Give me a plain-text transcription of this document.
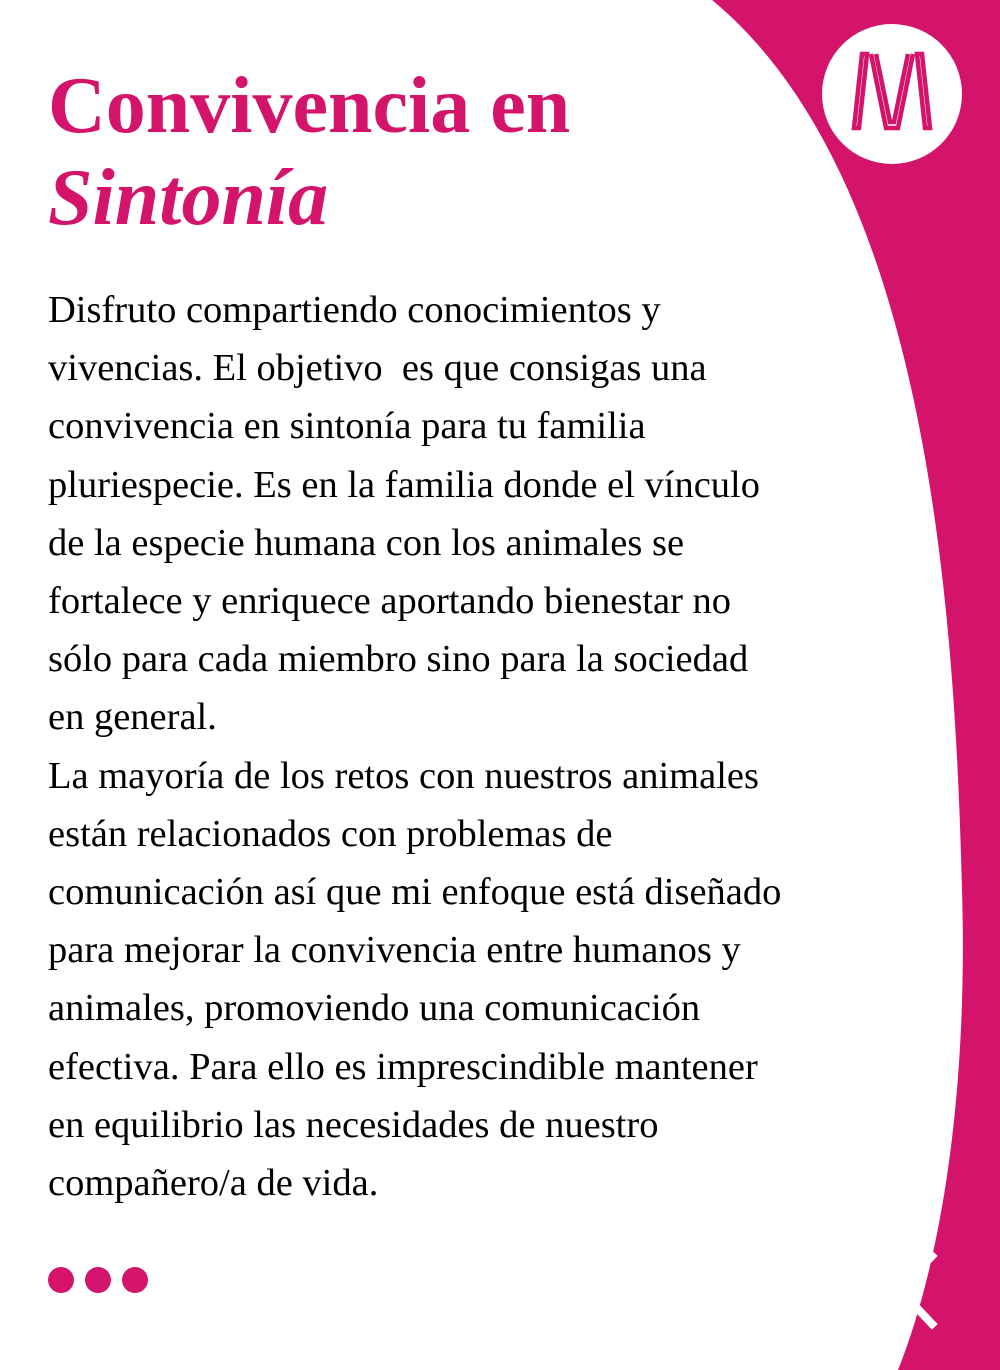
Convivencia en
Sintonía
Disfruto compartiendo conocimientos y
vivencias. El objetivo  es que consigas una
convivencia en sintonía para tu familia
pluriespecie. Es en la familia donde el vínculo
de la especie humana con los animales se
fortalece y enriquece aportando bienestar no
sólo para cada miembro sino para la sociedad
en general.
La mayoría de los retos con nuestros animales
están relacionados con problemas de
comunicación así que mi enfoque está diseñado
para mejorar la convivencia entre humanos y
animales, promoviendo una comunicación
efectiva. Para ello es imprescindible mantener
en equilibrio las necesidades de nuestro
compañero/a de vida.
